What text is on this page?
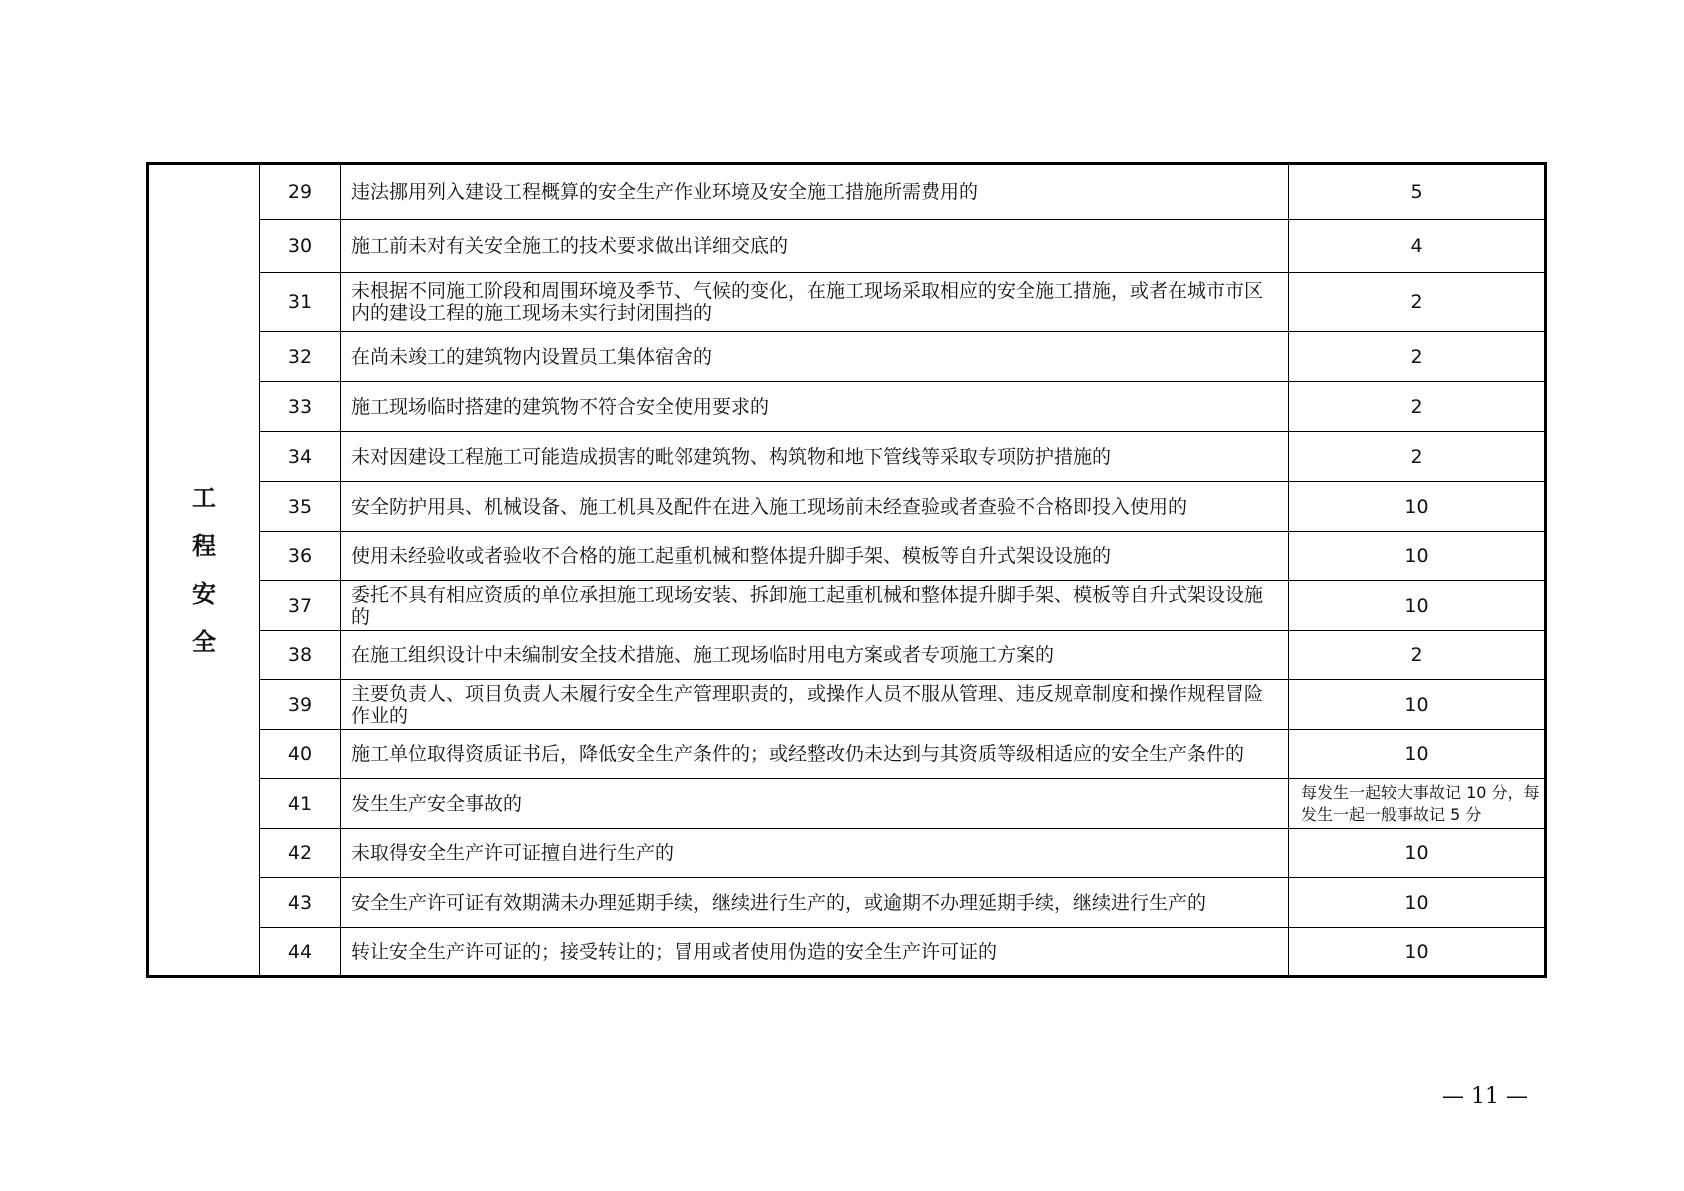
工
程
安
全	29	违法挪用列入建设工程概算的安全生产作业环境及安全施工措施所需费用的	5
	30	施工前未对有关安全施工的技术要求做出详细交底的	4
	31	未根据不同施工阶段和周围环境及季节、气候的变化，在施工现场采取相应的安全施工措施，或者在城市市区内的建设工程的施工现场未实行封闭围挡的	2
	32	在尚未竣工的建筑物内设置员工集体宿舍的	2
	33	施工现场临时搭建的建筑物不符合安全使用要求的	2
	34	未对因建设工程施工可能造成损害的毗邻建筑物、构筑物和地下管线等采取专项防护措施的	2
	35	安全防护用具、机械设备、施工机具及配件在进入施工现场前未经查验或者查验不合格即投入使用的	10
	36	使用未经验收或者验收不合格的施工起重机械和整体提升脚手架、模板等自升式架设设施的	10
	37	委托不具有相应资质的单位承担施工现场安装、拆卸施工起重机械和整体提升脚手架、模板等自升式架设设施的	10
	38	在施工组织设计中未编制安全技术措施、施工现场临时用电方案或者专项施工方案的	2
	39	主要负责人、项目负责人未履行安全生产管理职责的，或操作人员不服从管理、违反规章制度和操作规程冒险作业的	10
	40	施工单位取得资质证书后，降低安全生产条件的；或经整改仍未达到与其资质等级相适应的安全生产条件的	10
	41	发生生产安全事故的	每发生一起较大事故记 10 分，每发生一起一般事故记 5 分
	42	未取得安全生产许可证擅自进行生产的	10
	43	安全生产许可证有效期满未办理延期手续，继续进行生产的，或逾期不办理延期手续，继续进行生产的	10
	44	转让安全生产许可证的；接受转让的；冒用或者使用伪造的安全生产许可证的	10
— 11 —
